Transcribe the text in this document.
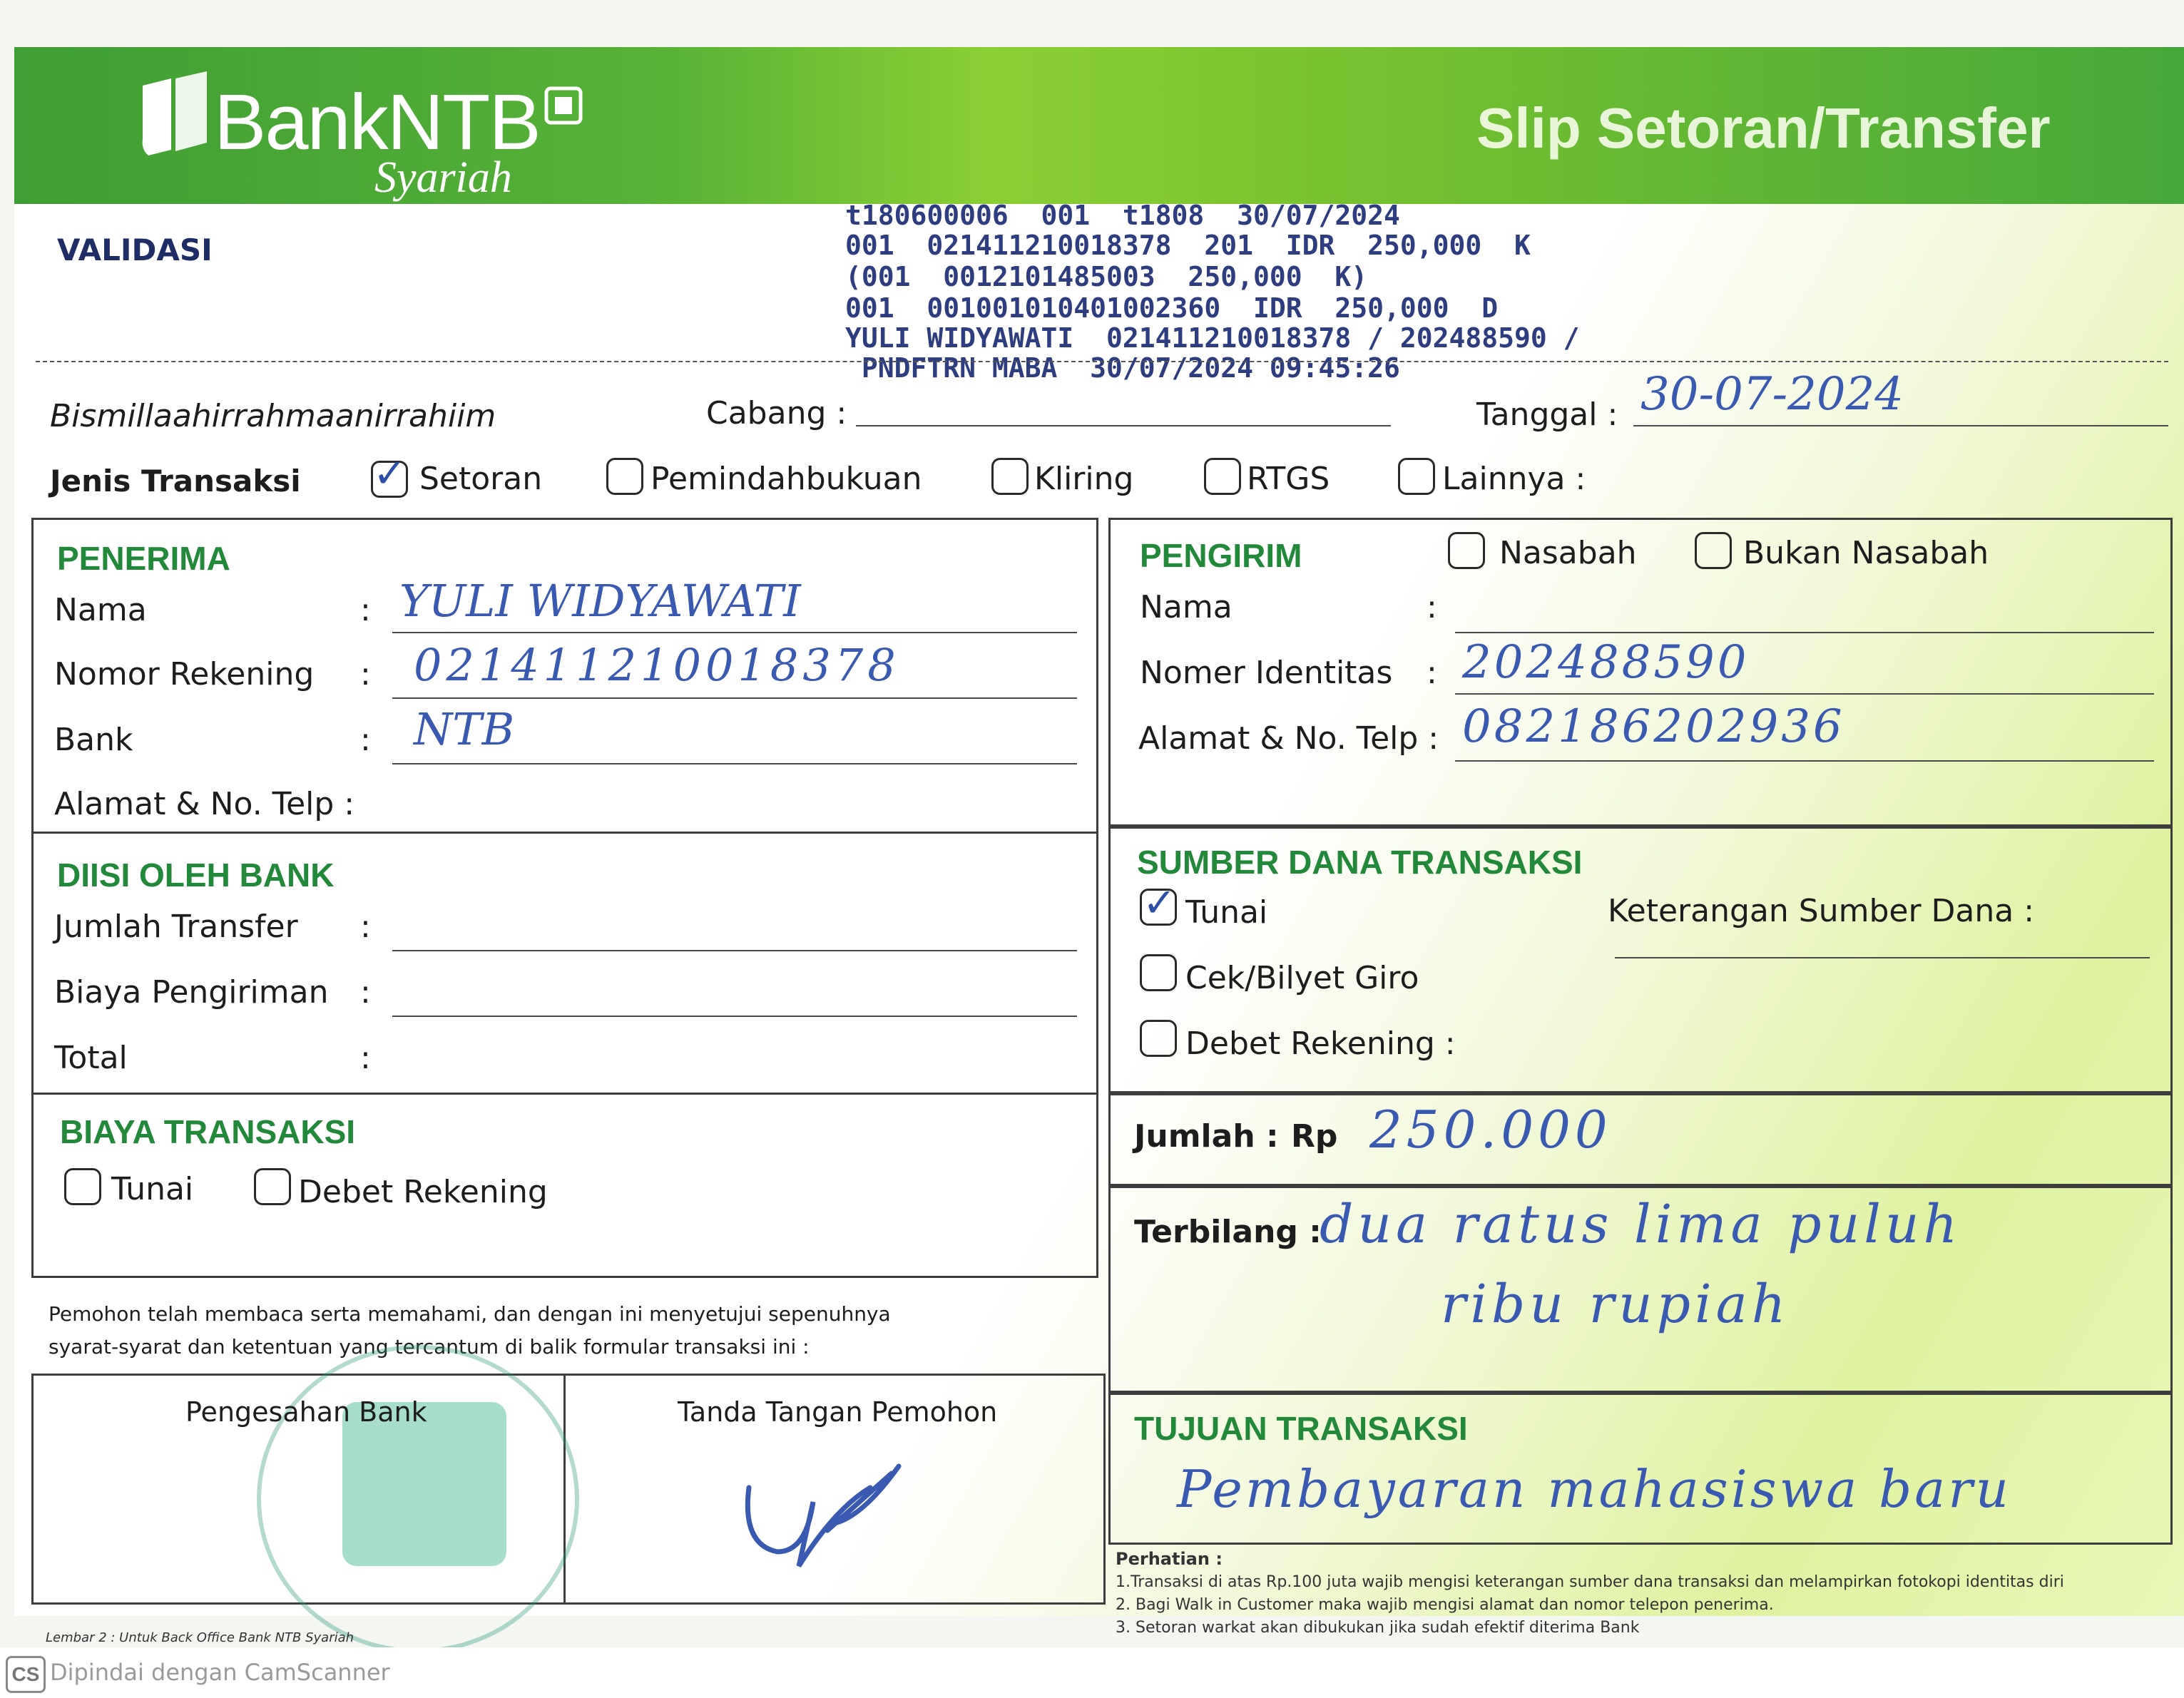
BankNTB
Syariah
Slip Setoran/Transfer
VALIDASI
t180600006  001  t1808  30/07/2024
001  021411210018378  201  IDR  250,000  K
(001  0012101485003  250,000  K)
001  001001010401002360  IDR  250,000  D
YULI WIDYAWATI  021411210018378 / 202488590 /
PNDFTRN MABA  30/07/2024 09:45:26
Bismillaahirrahmaanirrahiim	Cabang :	Tanggal : 30-07-2024
Jenis Transaksi ✓ Setoran	Pemindahbukuan	Kliring	RTGS	Lainnya :
PENERIMA
Nama	: YULI WIDYAWATI
Nomor Rekening : 021411210018378
Bank	: NTB
Alamat & No. Telp :
DIISI OLEH BANK
Jumlah Transfer :
Biaya Pengiriman :
Total	:
BIAYA TRANSAKSI
Tunai	Debet Rekening
PENGIRIM	Nasabah	Bukan Nasabah
Nama	:
Nomer Identitas : 202488590
Alamat & No. Telp : 082186202936
SUMBER DANA TRANSAKSI
✓ Tunai	Keterangan Sumber Dana :
Cek/Bilyet Giro
Debet Rekening :
Jumlah : Rp 250.000
Terbilang :
dua ratus lima puluh
ribu rupiah
TUJUAN TRANSAKSI
Pembayaran mahasiswa baru
Pemohon telah membaca serta memahami, dan dengan ini menyetujui sepenuhnya
syarat-syarat dan ketentuan yang tercantum di balik formular transaksi ini :
Pengesahan Bank	Tanda Tangan Pemohon
Perhatian :
1.Transaksi di atas Rp.100 juta wajib mengisi keterangan sumber dana transaksi dan melampirkan fotokopi identitas diri
2. Bagi Walk in Customer maka wajib mengisi alamat dan nomor telepon penerima.
3. Setoran warkat akan dibukukan jika sudah efektif diterima Bank
Lembar 2 : Untuk Back Office Bank NTB Syariah
CS Dipindai dengan CamScanner
